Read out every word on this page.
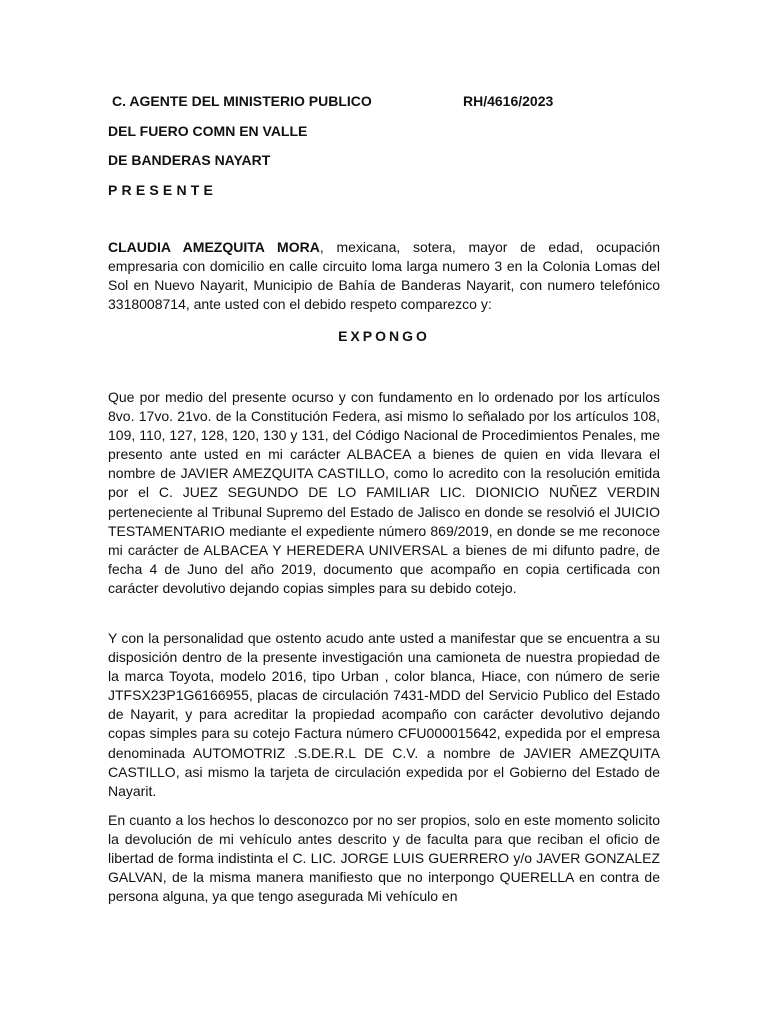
C. AGENTE DEL MINISTERIO PUBLICO	RH/4616/2023
DEL FUERO COMN EN VALLE
DE BANDERAS NAYART
PRESENTE
CLAUDIA AMEZQUITA MORA, mexicana, sotera, mayor de edad, ocupación empresaria con domicilio en calle circuito loma larga numero 3 en la Colonia Lomas del Sol en Nuevo Nayarit, Municipio de Bahía de Banderas Nayarit, con numero telefónico 3318008714, ante usted con el debido respeto comparezco y:
EXPONGO
Que por medio del presente ocurso y con fundamento en lo ordenado por los artículos 8vo. 17vo. 21vo. de la Constitución Federa, asi mismo lo señalado por los artículos 108, 109, 110, 127, 128, 120, 130 y 131, del Código Nacional de Procedimientos Penales, me presento ante usted en mi carácter ALBACEA a bienes de quien en vida llevara el nombre de JAVIER AMEZQUITA CASTILLO, como lo acredito con la resolución emitida por el C. JUEZ SEGUNDO DE LO FAMILIAR LIC. DIONICIO NUÑEZ VERDIN perteneciente al Tribunal Supremo del Estado de Jalisco en donde se resolvió el JUICIO TESTAMENTARIO mediante el expediente número 869/2019, en donde se me reconoce mi carácter de ALBACEA Y HEREDERA UNIVERSAL a bienes de mi difunto padre, de fecha 4 de Juno del año 2019, documento que acompaño en copia certificada con carácter devolutivo dejando copias simples para su debido cotejo.
Y con la personalidad que ostento acudo ante usted a manifestar que se encuentra a su disposición dentro de la presente investigación una camioneta de nuestra propiedad de la marca Toyota, modelo 2016, tipo Urban , color blanca, Hiace, con número de serie JTFSX23P1G6166955, placas de circulación 7431-MDD del Servicio Publico del Estado de Nayarit, y para acreditar la propiedad acompaño con carácter devolutivo dejando copas simples para su cotejo Factura número CFU000015642, expedida por el empresa denominada AUTOMOTRIZ .S.DE.R.L DE C.V. a nombre de JAVIER AMEZQUITA CASTILLO, asi mismo la tarjeta de circulación expedida por el Gobierno del Estado de Nayarit.
En cuanto a los hechos lo desconozco por no ser propios, solo en este momento solicito la devolución de mi vehículo antes descrito y de faculta para que reciban el oficio de libertad de forma indistinta el C. LIC. JORGE LUIS GUERRERO y/o JAVER GONZALEZ GALVAN, de la misma manera manifiesto que no interpongo QUERELLA en contra de persona alguna, ya que tengo asegurada Mi vehículo en
